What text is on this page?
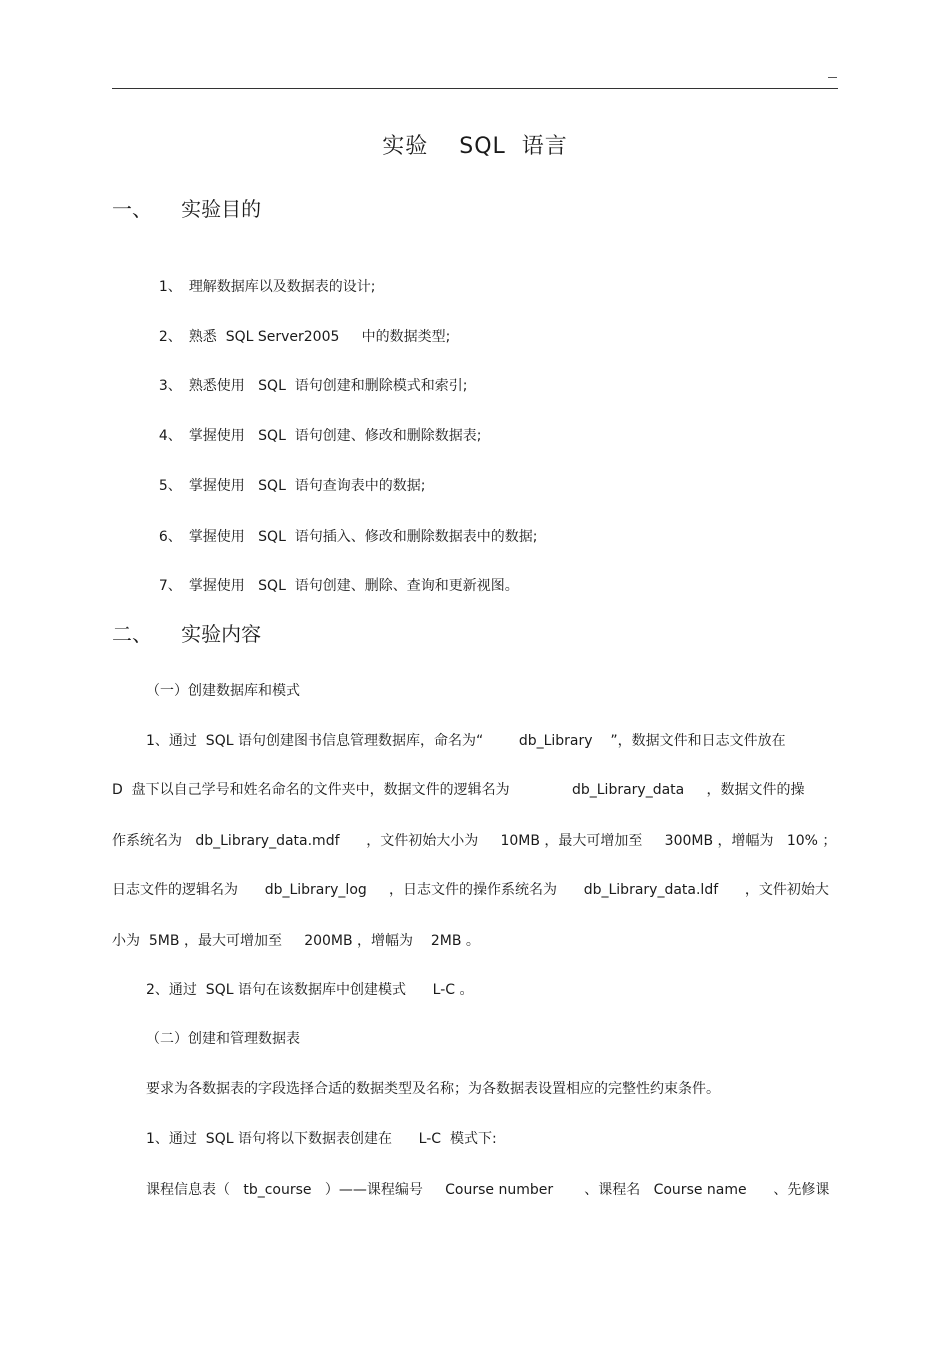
实验　 SQL  语言
一、　   实验目的

1、 理解数据库以及数据表的设计;

2、 熟悉  SQL Server2005     中的数据类型;

3、 熟悉使用   SQL  语句创建和删除模式和索引;

4、 掌握使用   SQL  语句创建、修改和删除数据表;

5、 掌握使用   SQL  语句查询表中的数据;

6、 掌握使用   SQL  语句插入、修改和删除数据表中的数据;

7、 掌握使用   SQL  语句创建、删除、查询和更新视图。

二、　   实验内容
（一）创建数据库和模式
1、通过  SQL 语句创建图书信息管理数据库，命名为“        db_Library    ”，数据文件和日志文件放在
D  盘下以自己学号和姓名命名的文件夹中，数据文件的逻辑名为              db_Library_data     ，数据文件的操
作系统名为   db_Library_data.mdf      ，文件初始大小为     10MB ，最大可增加至     300MB ，增幅为   10% ；
日志文件的逻辑名为      db_Library_log     ，日志文件的操作系统名为      db_Library_data.ldf      ，文件初始大
小为  5MB ，最大可增加至     200MB ，增幅为    2MB 。
2、通过  SQL 语句在该数据库中创建模式      L-C 。
（二）创建和管理数据表
要求为各数据表的字段选择合适的数据类型及名称；为各数据表设置相应的完整性约束条件。
1、通过  SQL 语句将以下数据表创建在      L-C  模式下:
课程信息表（   tb_course   ）——课程编号     Course number       、课程名   Course name      、先修课
